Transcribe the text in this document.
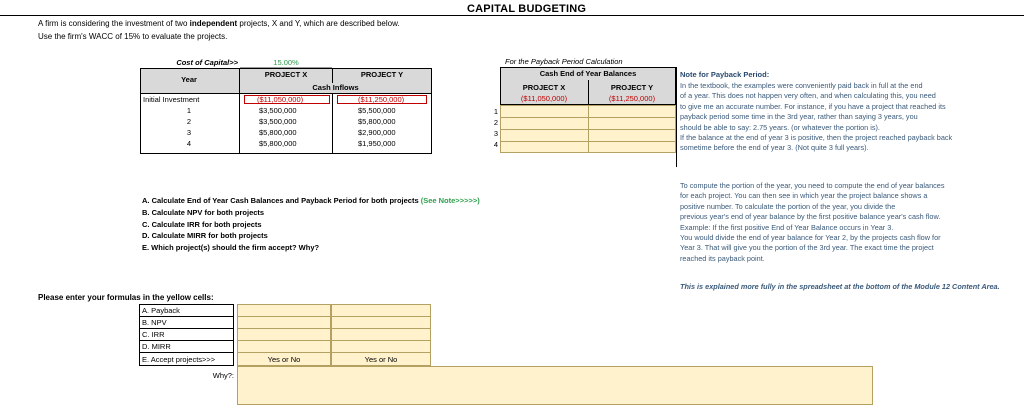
CAPITAL BUDGETING
A firm is considering the investment of two independent projects, X and Y, which are described below.
Use the firm's WACC of 15% to evaluate the projects.
Cost of Capital>>	15.00%
Year
PROJECT X	PROJECT Y
Cash Inflows
Initial Investment	($11,050,000)	($11,250,000)
1	$3,500,000	$5,500,000
2	$3,500,000	$5,800,000
3	$5,800,000	$2,900,000
4	$5,800,000	$1,950,000
For the Payback Period Calculation
Cash End of Year Balances
PROJECT X	PROJECT Y
($11,050,000)	($11,250,000)
1
2
3
4
Note for Payback Period:
In the textbook, the examples were conveniently paid back in full at the end
of a year. This does not happen very often, and when calculating this, you need
to give me an accurate number. For instance, if you have a project that reached its
payback period some time in the 3rd year, rather than saying 3 years, you
should be able to say: 2.75 years. (or whatever the portion is).
If the balance at the end of year 3 is positive, then the project reached payback back
sometime before the end of year 3. (Not quite 3 full years).
To compute the portion of the year, you need to compute the end of year balances
for each project. You can then see in which year the project balance shows a
positive number. To calculate the portion of the year, you divide the
previous year's end of year balance by the first positive balance year's cash flow.
Example: If the first positive End of Year Balance occurs in Year 3.
You would divide the end of year balance for Year 2, by the projects cash flow for
Year 3. That will give you the portion of the 3rd year. The exact time the project
reached its payback point.
This is explained more fully in the spreadsheet at the bottom of the Module 12 Content Area.
A. Calculate End of Year Cash Balances and Payback Period for both projects (See Note>>>>>)
B. Calculate NPV for both projects
C. Calculate IRR for both projects
D. Calculate MIRR for both projects
E. Which project(s) should the firm accept? Why?
Please enter your formulas in the yellow cells:
A. Payback
B. NPV
C. IRR
D. MIRR
E. Accept projects>>>	Yes or No	Yes or No
Why?:
